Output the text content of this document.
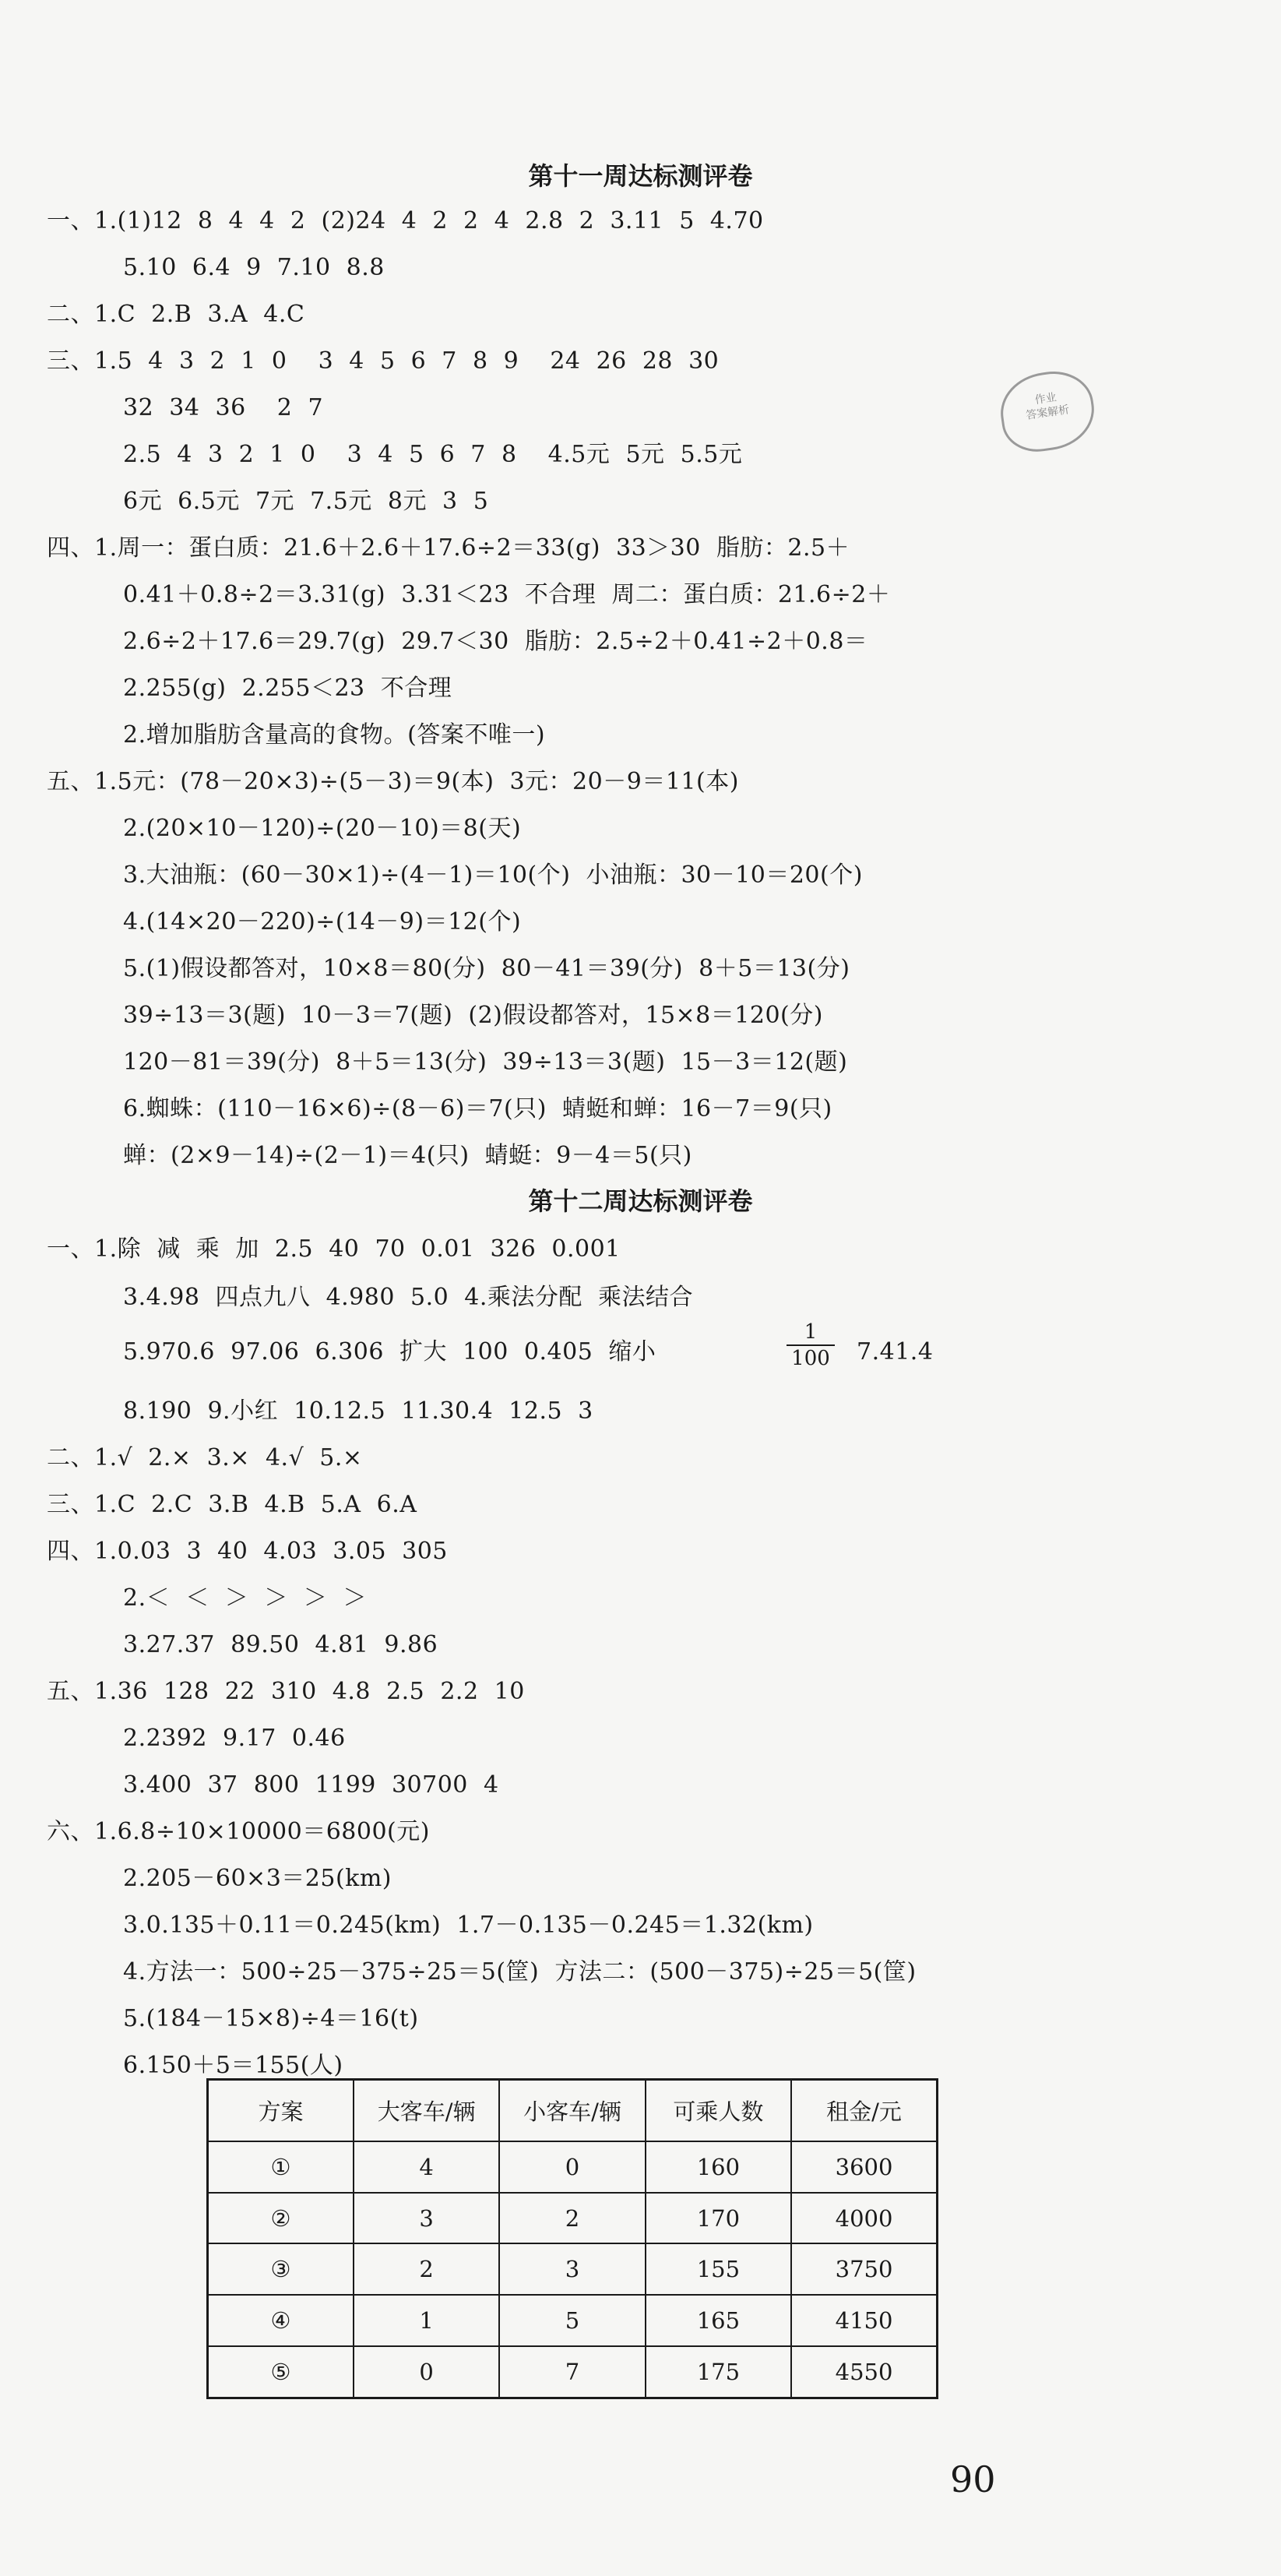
作业
答案解析
第十一周达标测评卷
一、1.(1)12  8  4  4  2  (2)24  4  2  2  4  2.8  2  3.11  5  4.70
5.10  6.4  9  7.10  8.8
二、1.C  2.B  3.A  4.C
三、1.5  4  3  2  1  0    3  4  5  6  7  8  9    24  26  28  30
32  34  36    2  7
2.5  4  3  2  1  0    3  4  5  6  7  8    4.5元  5元  5.5元
6元  6.5元  7元  7.5元  8元  3  5
四、1.周一：蛋白质：21.6＋2.6＋17.6÷2＝33(g)  33＞30  脂肪：2.5＋
0.41＋0.8÷2＝3.31(g)  3.31＜23  不合理  周二：蛋白质：21.6÷2＋
2.6÷2＋17.6＝29.7(g)  29.7＜30  脂肪：2.5÷2＋0.41÷2＋0.8＝
2.255(g)  2.255＜23  不合理
2.增加脂肪含量高的食物。(答案不唯一)
五、1.5元：(78－20×3)÷(5－3)＝9(本)  3元：20－9＝11(本)
2.(20×10－120)÷(20－10)＝8(天)
3.大油瓶：(60－30×1)÷(4－1)＝10(个)  小油瓶：30－10＝20(个)
4.(14×20－220)÷(14－9)＝12(个)
5.(1)假设都答对，10×8＝80(分)  80－41＝39(分)  8＋5＝13(分)
39÷13＝3(题)  10－3＝7(题)  (2)假设都答对，15×8＝120(分)
120－81＝39(分)  8＋5＝13(分)  39÷13＝3(题)  15－3＝12(题)
6.蜘蛛：(110－16×6)÷(8－6)＝7(只)  蜻蜓和蝉：16－7＝9(只)
蝉：(2×9－14)÷(2－1)＝4(只)  蜻蜓：9－4＝5(只)
第十二周达标测评卷
一、1.除  减  乘  加  2.5  40  70  0.01  326  0.001
3.4.98  四点九八  4.980  5.0  4.乘法分配  乘法结合
5.970.6  97.06  6.306  扩大  100  0.405  缩小
1
100 7.41.4
8.190  9.小红  10.12.5  11.30.4  12.5  3
二、1.√  2.×  3.×  4.√  5.×
三、1.C  2.C  3.B  4.B  5.A  6.A
四、1.0.03  3  40  4.03  3.05  305
2.＜  ＜  ＞  ＞  ＞  ＞
3.27.37  89.50  4.81  9.86
五、1.36  128  22  310  4.8  2.5  2.2  10
2.2392  9.17  0.46
3.400  37  800  1199  30700  4
六、1.6.8÷10×10000＝6800(元)
2.205－60×3＝25(km)
3.0.135＋0.11＝0.245(km)  1.7－0.135－0.245＝1.32(km)
4.方法一：500÷25－375÷25＝5(筐)  方法二：(500－375)÷25＝5(筐)
5.(184－15×8)÷4＝16(t)
6.150＋5＝155(人)
方案	大客车/辆	小客车/辆	可乘人数	租金/元
①	4	0	160	3600
②	3	2	170	4000
③	2	3	155	3750
④	1	5	165	4150
⑤	0	7	175	4550
90
